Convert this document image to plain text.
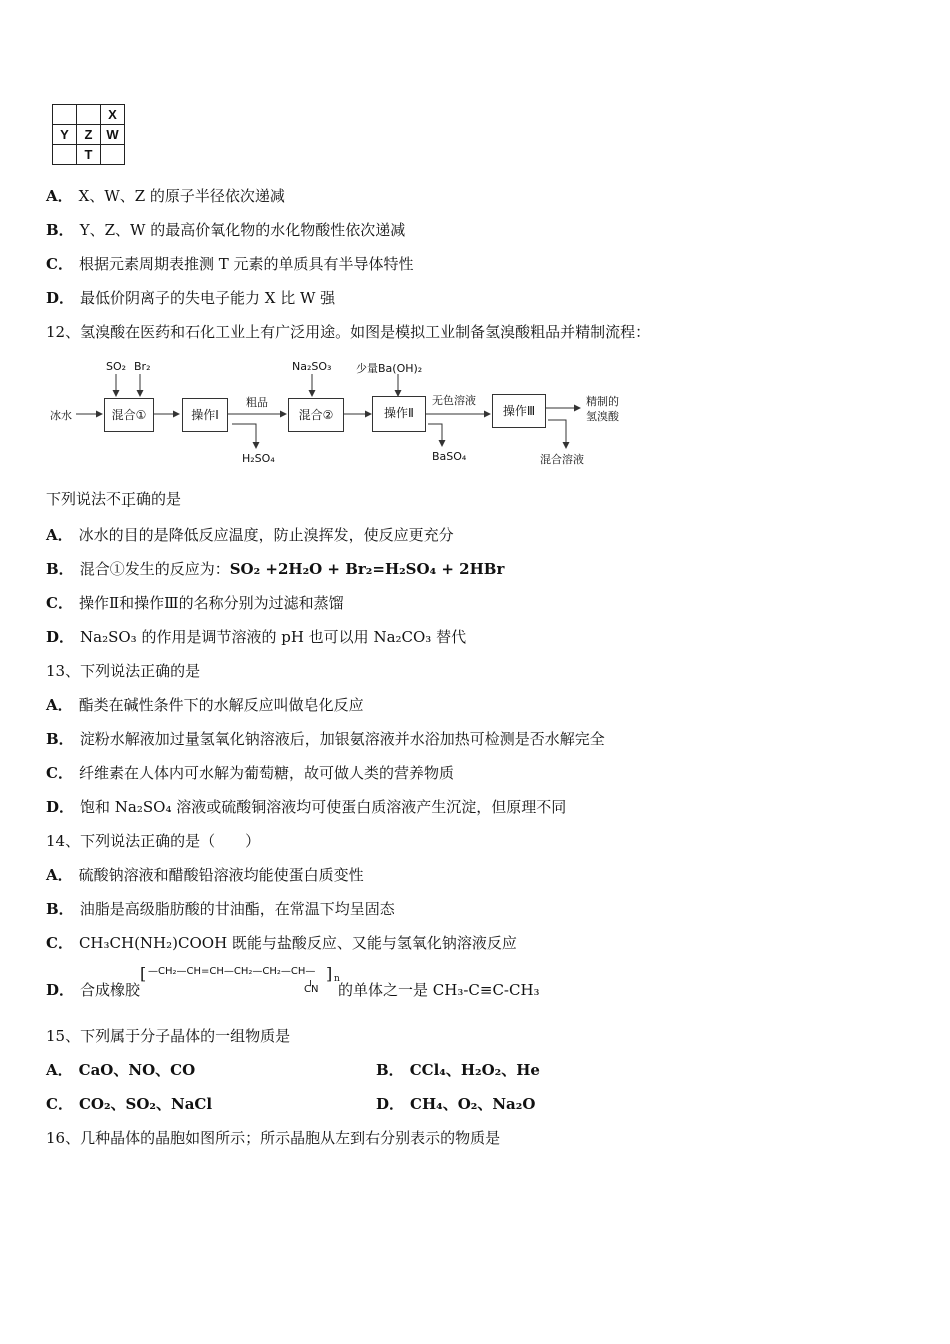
		X
Y	Z	W
	T	
A． X、W、Z 的原子半径依次递减
B． Y、Z、W 的最高价氧化物的水化物酸性依次递减
C． 根据元素周期表推测 T 元素的单质具有半导体特性
D． 最低价阴离子的失电子能力 X 比 W 强
12、氢溴酸在医药和石化工业上有广泛用途。如图是模拟工业制备氢溴酸粗品并精制流程：
冰水
SO₂ Br₂
混合①	操作Ⅰ
H₂SO₄
粗品
Na₂SO₃
混合②
少量Ba(OH)₂
操作Ⅱ
BaSO₄
无色溶液
操作Ⅲ
混合溶液
精制的
氢溴酸
下列说法不正确的是
A． 冰水的目的是降低反应温度，防止溴挥发，使反应更充分
B． 混合①发生的反应为：SO₂ +2H₂O + Br₂=H₂SO₄ + 2HBr
C． 操作Ⅱ和操作Ⅲ的名称分别为过滤和蒸馏
D． Na₂SO₃ 的作用是调节溶液的 pH 也可以用 Na₂CO₃ 替代
13、下列说法正确的是
A． 酯类在碱性条件下的水解反应叫做皂化反应
B． 淀粉水解液加过量氢氧化钠溶液后，加银氨溶液并水浴加热可检测是否水解完全
C． 纤维素在人体内可水解为葡萄糖，故可做人类的营养物质
D． 饱和 Na₂SO₄ 溶液或硫酸铜溶液均可使蛋白质溶液产生沉淀，但原理不同
14、下列说法正确的是（　　）
A． 硫酸钠溶液和醋酸铅溶液均能使蛋白质变性
B． 油脂是高级脂肪酸的甘油酯，在常温下均呈固态
C． CH₃CH(NH₂)COOH 既能与盐酸反应、又能与氢氧化钠溶液反应
D． 合成橡胶
[ —CH₂—CH=CH—CH₂—CH₂—CH— ] n
CN 的单体之一是 CH₃-C≡C-CH₃
15、下列属于分子晶体的一组物质是
A． CaO、NO、CO	B． CCl₄、H₂O₂、He
C． CO₂、SO₂、NaCl	D． CH₄、O₂、Na₂O
16、几种晶体的晶胞如图所示；所示晶胞从左到右分别表示的物质是
